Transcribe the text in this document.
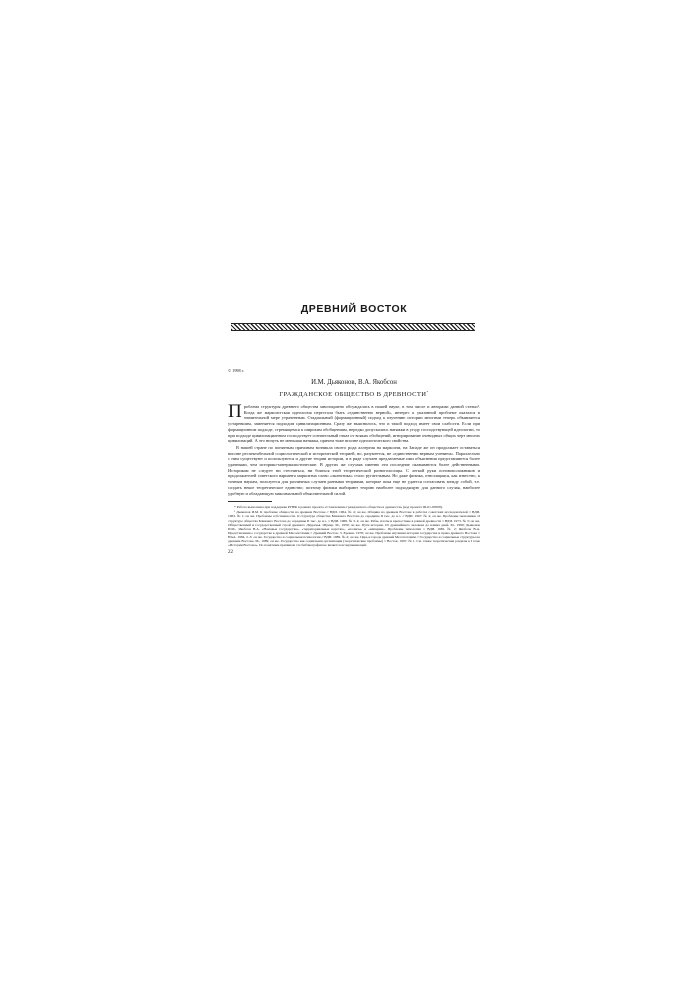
ДРЕВНИЙ ВОСТОК
© 1998 г.
И.М. Дьяконов, В.А. Якобсон
ГРАЖДАНСКОЕ ОБЩЕСТВО В ДРЕВНОСТИ*

Проблема структуры древнего общества многократно обсуждалась в нашей науке, в том числе и авторами данной статьи¹. Когда же марксистская идеология перестала быть «единственно верной», интерес к указанной проблеме оказался в значительной мере утраченным. Стадиальный (формационный) подход к изучению истории многими теперь объявляется устаревшим, заменяется подходом цивилизационным. Сразу же выяснилось, что и такой подход имеет свои слабости. Если при формационном подходе, стремящемся к широким обобщениям, нередко допускались натяжки в угоду господствующей идеологии, то при подходе цивилизационном господствует сознательный отказ от всяких обобщений, игнорирование очевидных общих черт многих цивилизаций. А это ничуть не меньшая натяжка, причем тоже вполне идеологического свойства.

В нашей стране по понятным причинам возникла своего рода аллергия на марксизм, на Западе же он продолжает оставаться вполне респектабельной социологической и исторической теорией, но, разумеется, не «единственно верным учением». Параллельно с ним существуют и используются и другие теории истории, и в ряде случаев предлагаемые ими объяснения представляются более удачными, чем историко-материалистические. В других же случаях именно эти последние оказываются более действенными. Историкам не следует ни стесняться, ни бояться этой теоретической разноголосицы. С легкой руки основоположников и продолжателей советского варианта марксизма слово «эклектика» стало ругательным. Но даже физика, относящаяся, как известно, к точным наукам, пользуется для различных случаев разными теориями, которые пока еще не удается согласовать между собой, т.е. создать некое теоретическое единство; поэтому физики выбирают теорию наиболее подходящую для данного случая, наиболее удобную и обладающую максимальной объяснительной силой.

* Работа выполнена при поддержке РГНФ в рамках проекта «Становление гражданского общества в древности» (код проекта 96-01-00508).

¹ Дьяконов И.М. К проблеме общности на древнем Востоке // ВДИ. 1964. № 4; он же. Община на древнем Востоке в работах советских исследователей // ВДИ. 1963. № 1; он же. Проблемы собственности. О структуре общества Ближнего Востока до середины II тыс. до н.э. // ВДИ. 1967. № 4; он же. Проблемы экономики. О структуре общества Ближнего Востока до середины II тыс. до н.э. // ВДИ. 1968. № 3, 4; он же. Рабы, илоты и крепостные в ранней древности // ВДИ. 1973. № 3; он же. Общественный и государственный строй древнего Двуречья. Шумер. М., 1959; он же. Пути истории. От древнейшего человека до наших дней. М., 1989; Дьяконов И.М., Якобсон В.А. «Номовые государства», «территориальные царства», «полисы» и «империи». Проблемы типологии // ВДИ. 1982. № 2; Якобсон В.А. Представления о государстве в древней Месопотамии // Древний Восток. 3. Ереван. 1978; он же. Проблемы изучения истории государства и права древнего Востока // НАА. 1984. 2–3; он же. Государство и социальная психология // ВДИ. 1989. № 4; он же. Царь и города древней Месопотамии // Государство и социальные структуры на древнем Востоке. М., 1989; он же. Государство как социальная организация (теоретические проблемы) // Восток. 1997. № 1. См. также теоретические разделы в I томе «Истории Востока». По понятным причинам эта библиография не является исчерпывающей.

22
